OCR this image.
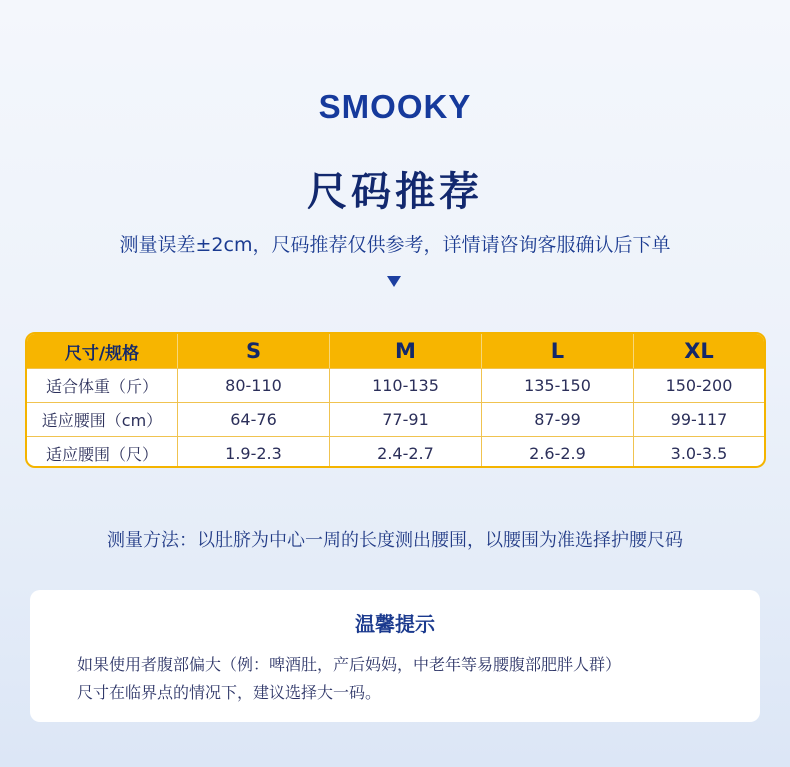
SMOOKY
尺码推荐
测量误差±2cm，尺码推荐仅供参考，详情请咨询客服确认后下单
尺寸/规格	S	M	L	XL
适合体重（斤）	80-110	110-135	135-150	150-200
适应腰围（cm）	64-76	77-91	87-99	99-117
适应腰围（尺）	1.9-2.3	2.4-2.7	2.6-2.9	3.0-3.5
测量方法：以肚脐为中心一周的长度测出腰围，以腰围为准选择护腰尺码
温馨提示
如果使用者腹部偏大（例：啤酒肚，产后妈妈，中老年等易腰腹部肥胖人群）
尺寸在临界点的情况下，建议选择大一码。
